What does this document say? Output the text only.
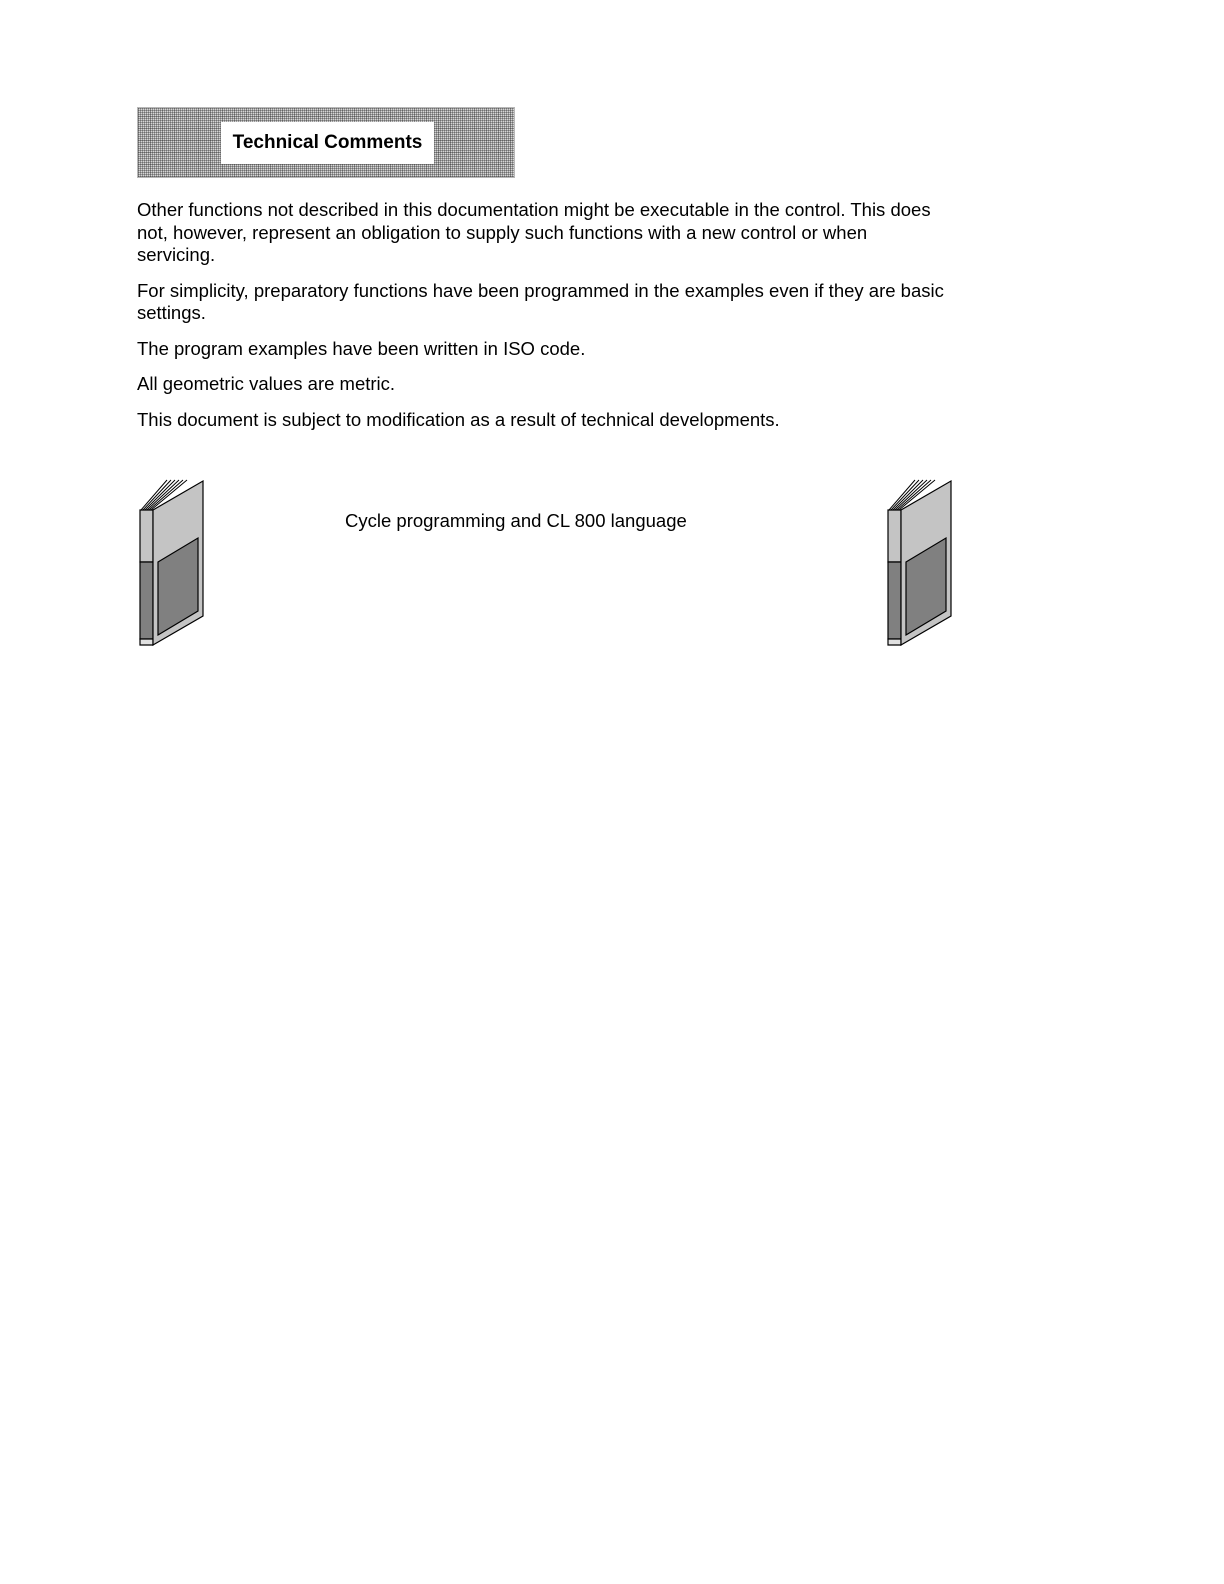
Technical Comments

Other functions not described in this documentation might be executable in the control. This does not, however, represent an obligation to supply such functions with a new control or when servicing.

For simplicity, preparatory functions have been programmed in the examples even if they are basic settings.

The program examples have been written in ISO code.

All geometric values are metric.

This document is subject to modification as a result of technical developments.

Cycle programming and CL 800 language
